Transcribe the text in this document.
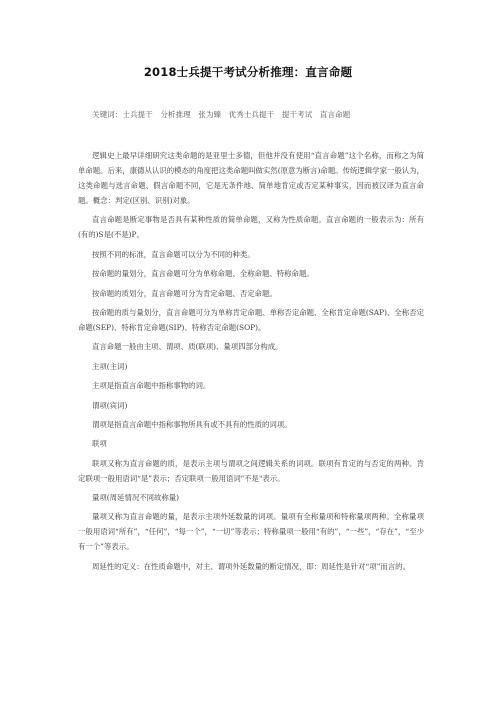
2018士兵提干考试分析推理：直言命题
关键词：士兵提干　分析推理　张为臻　优秀士兵提干　提干考试　直言命题

逻辑史上最早详细研究这类命题的是亚里士多德，但他并没有使用“直言命题”这个名称，而称之为简单命题。后来，康德从认识的模态的角度把这类命题叫做实然(原意为断言)命题。传统逻辑学家一般认为，这类命题与选言命题、假言命题不同，它是无条件地、简单地肯定或否定某种事实，因而被汉译为直言命题。概念：判定(区别、识别)对象。

直言命题是断定事物是否具有某种性质的简单命题，又称为性质命题。直言命题的一般表示为：所有(有的)S是(不是)P。

按照不同的标准，直言命题可以分为不同的种类。

按命题的量划分，直言命题可分为单称命题、全称命题、特称命题。

按命题的质划分，直言命题可分为肯定命题、否定命题。

按命题的质与量划分，直言命题可分为单称肯定命题、单称否定命题、全称肯定命题(SAP)、全称否定命题(SEP)、特称肯定命题(SIP)、特称否定命题(SOP)。

直言命题一般由主项、谓项、质(联项)、量项四部分构成。

主项(主词)

主项是指直言命题中指称事物的词。

谓项(宾词)

谓项是指直言命题中指称事物所具有或不具有的性质的词项。

联项

联项又称为直言命题的质，是表示主项与谓项之间逻辑关系的词项。联项有肯定的与否定的两种。肯定联项一般用语词“是”表示；否定联项一般用语词"不是"表示。

量项(周延情况不同故称量)

量项又称为直言命题的量，是表示主项外延数量的词项。量项有全称量项和特称量项两种。全称量项一般用语词“所有”，“任何”，“每一个”，“一切”等表示；特称量项一般用“有的”，“一些”，“存在”，“至少有一个”等表示。

周延性的定义：在性质命题中，对主、谓项外延数量的断定情况，即：周延性是针对“项”而言的。
